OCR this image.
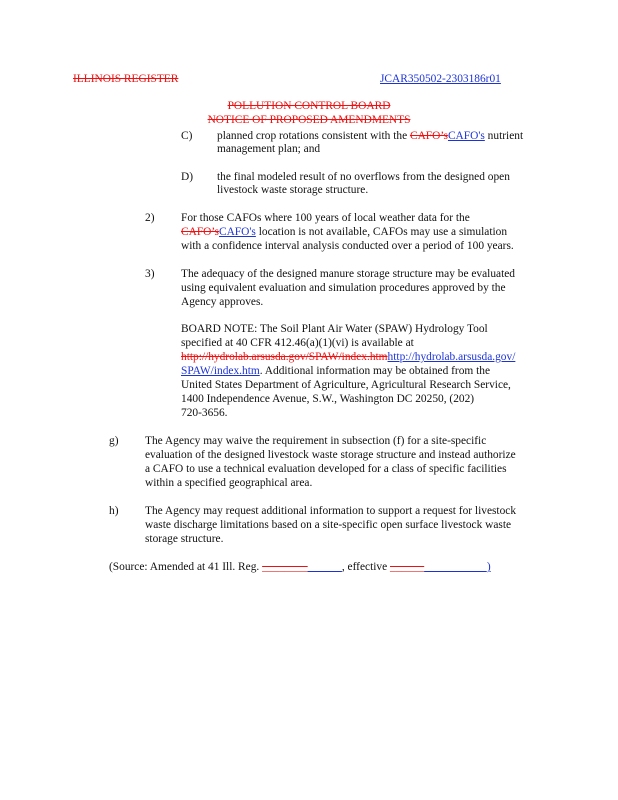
ILLINOIS REGISTER	JCAR350502-2303186r01
POLLUTION CONTROL BOARD
NOTICE OF PROPOSED AMENDMENTS
C) planned crop rotations consistent with the CAFO’sCAFO's nutrient
management plan; and
D) the final modeled result of no overflows from the designed open
livestock waste storage structure.
2) For those CAFOs where 100 years of local weather data for the
CAFO’sCAFO's location is not available, CAFOs may use a simulation
with a confidence interval analysis conducted over a period of 100 years.
3) The adequacy of the designed manure storage structure may be evaluated
using equivalent evaluation and simulation procedures approved by the
Agency approves.
BOARD NOTE: The Soil Plant Air Water (SPAW) Hydrology Tool
specified at 40 CFR 412.46(a)(1)(vi) is available at
http://hydrolab.arsusda.gov/SPAW/index.htmhttp://hydrolab.arsusda.gov/
SPAW/index.htm. Additional information may be obtained from the
United States Department of Agriculture, Agricultural Research Service,
1400 Independence Avenue, S.W., Washington DC 20250, (202)
720-3656.
g) The Agency may waive the requirement in subsection (f) for a site-specific
evaluation of the designed livestock waste storage structure and instead authorize
a CAFO to use a technical evaluation developed for a class of specific facilities
within a specified geographical area.
h) The Agency may request additional information to support a request for livestock
waste discharge limitations based on a site-specific open surface livestock waste
storage structure.
(Source: Amended at 41 Ill. Reg. ______________, effective _________________)
